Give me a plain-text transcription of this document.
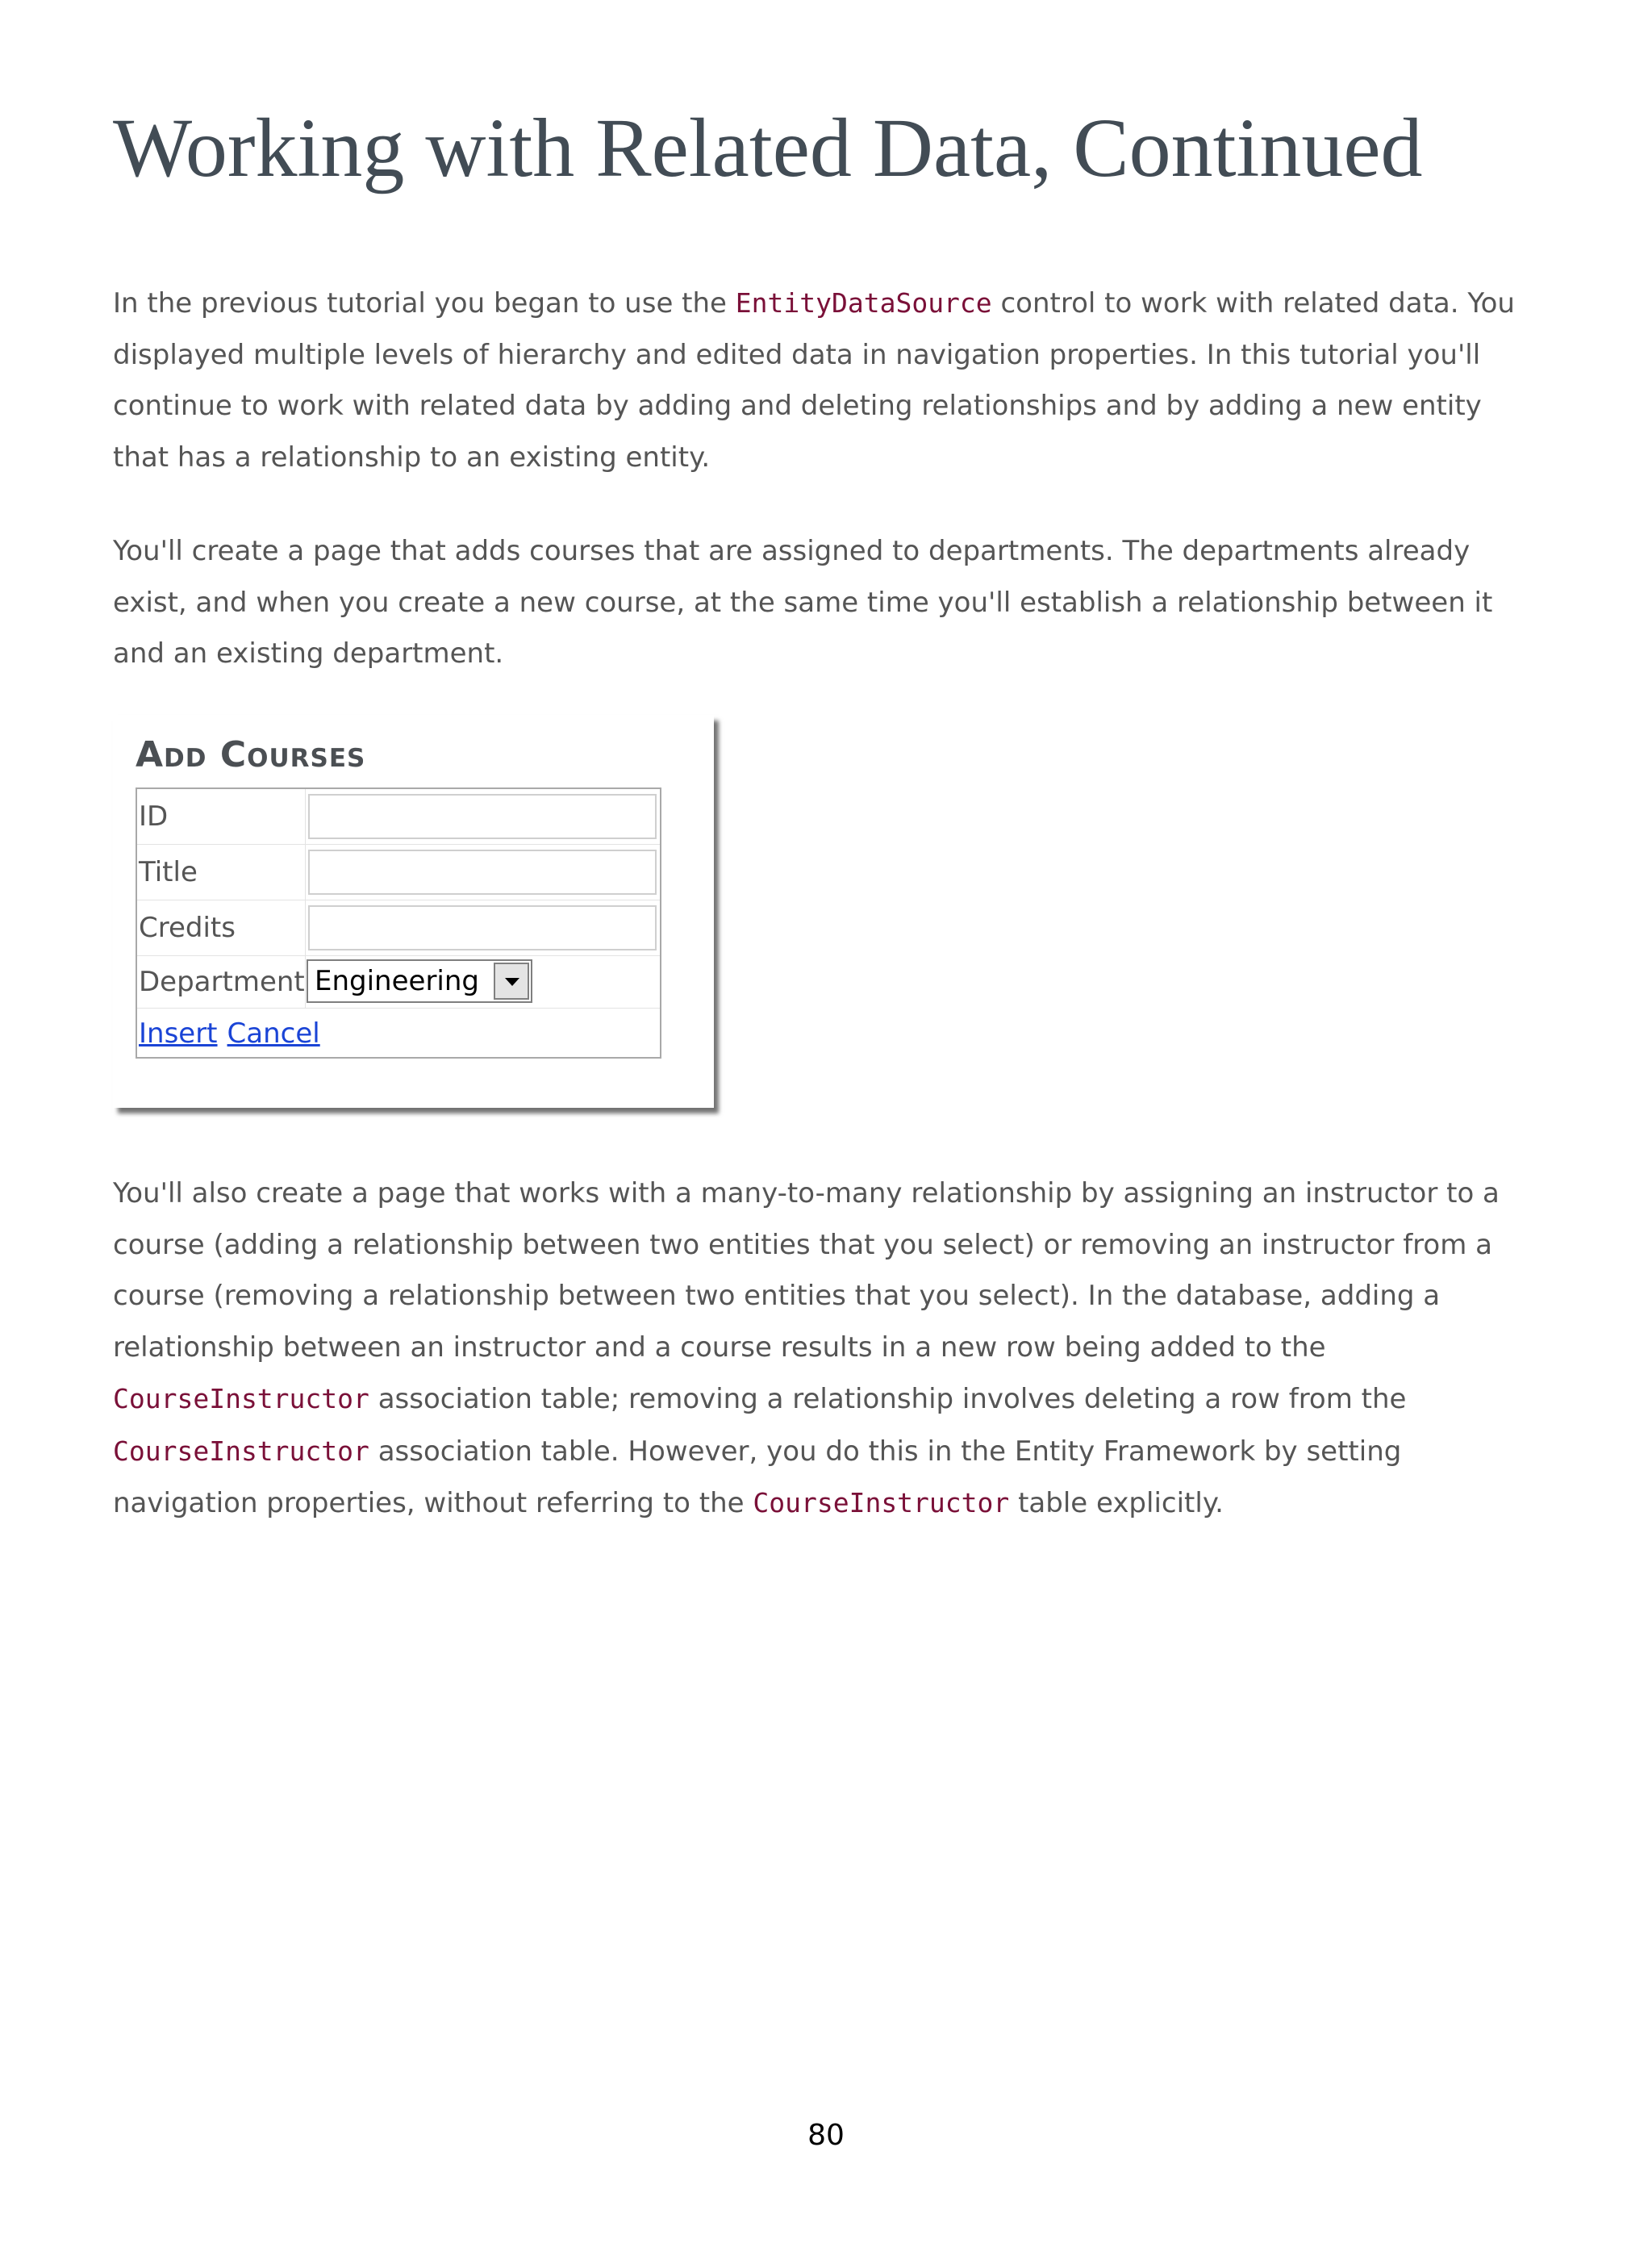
Working with Related Data, Continued

In the previous tutorial you began to use the EntityDataSource control to work with related data. You displayed multiple levels of hierarchy and edited data in navigation properties. In this tutorial you'll continue to work with related data by adding and deleting relationships and by adding a new entity that has a relationship to an existing entity.

You'll create a page that adds courses that are assigned to departments. The departments already exist, and when you create a new course, at the same time you'll establish a relationship between it and an existing department.

Add Courses
ID
Title
Credits
Department Engineering
Insert Cancel

You'll also create a page that works with a many-to-many relationship by assigning an instructor to a course (adding a relationship between two entities that you select) or removing an instructor from a course (removing a relationship between two entities that you select). In the database, adding a relationship between an instructor and a course results in a new row being added to the CourseInstructor association table; removing a relationship involves deleting a row from the CourseInstructor association table. However, you do this in the Entity Framework by setting navigation properties, without referring to the CourseInstructor table explicitly.

80
